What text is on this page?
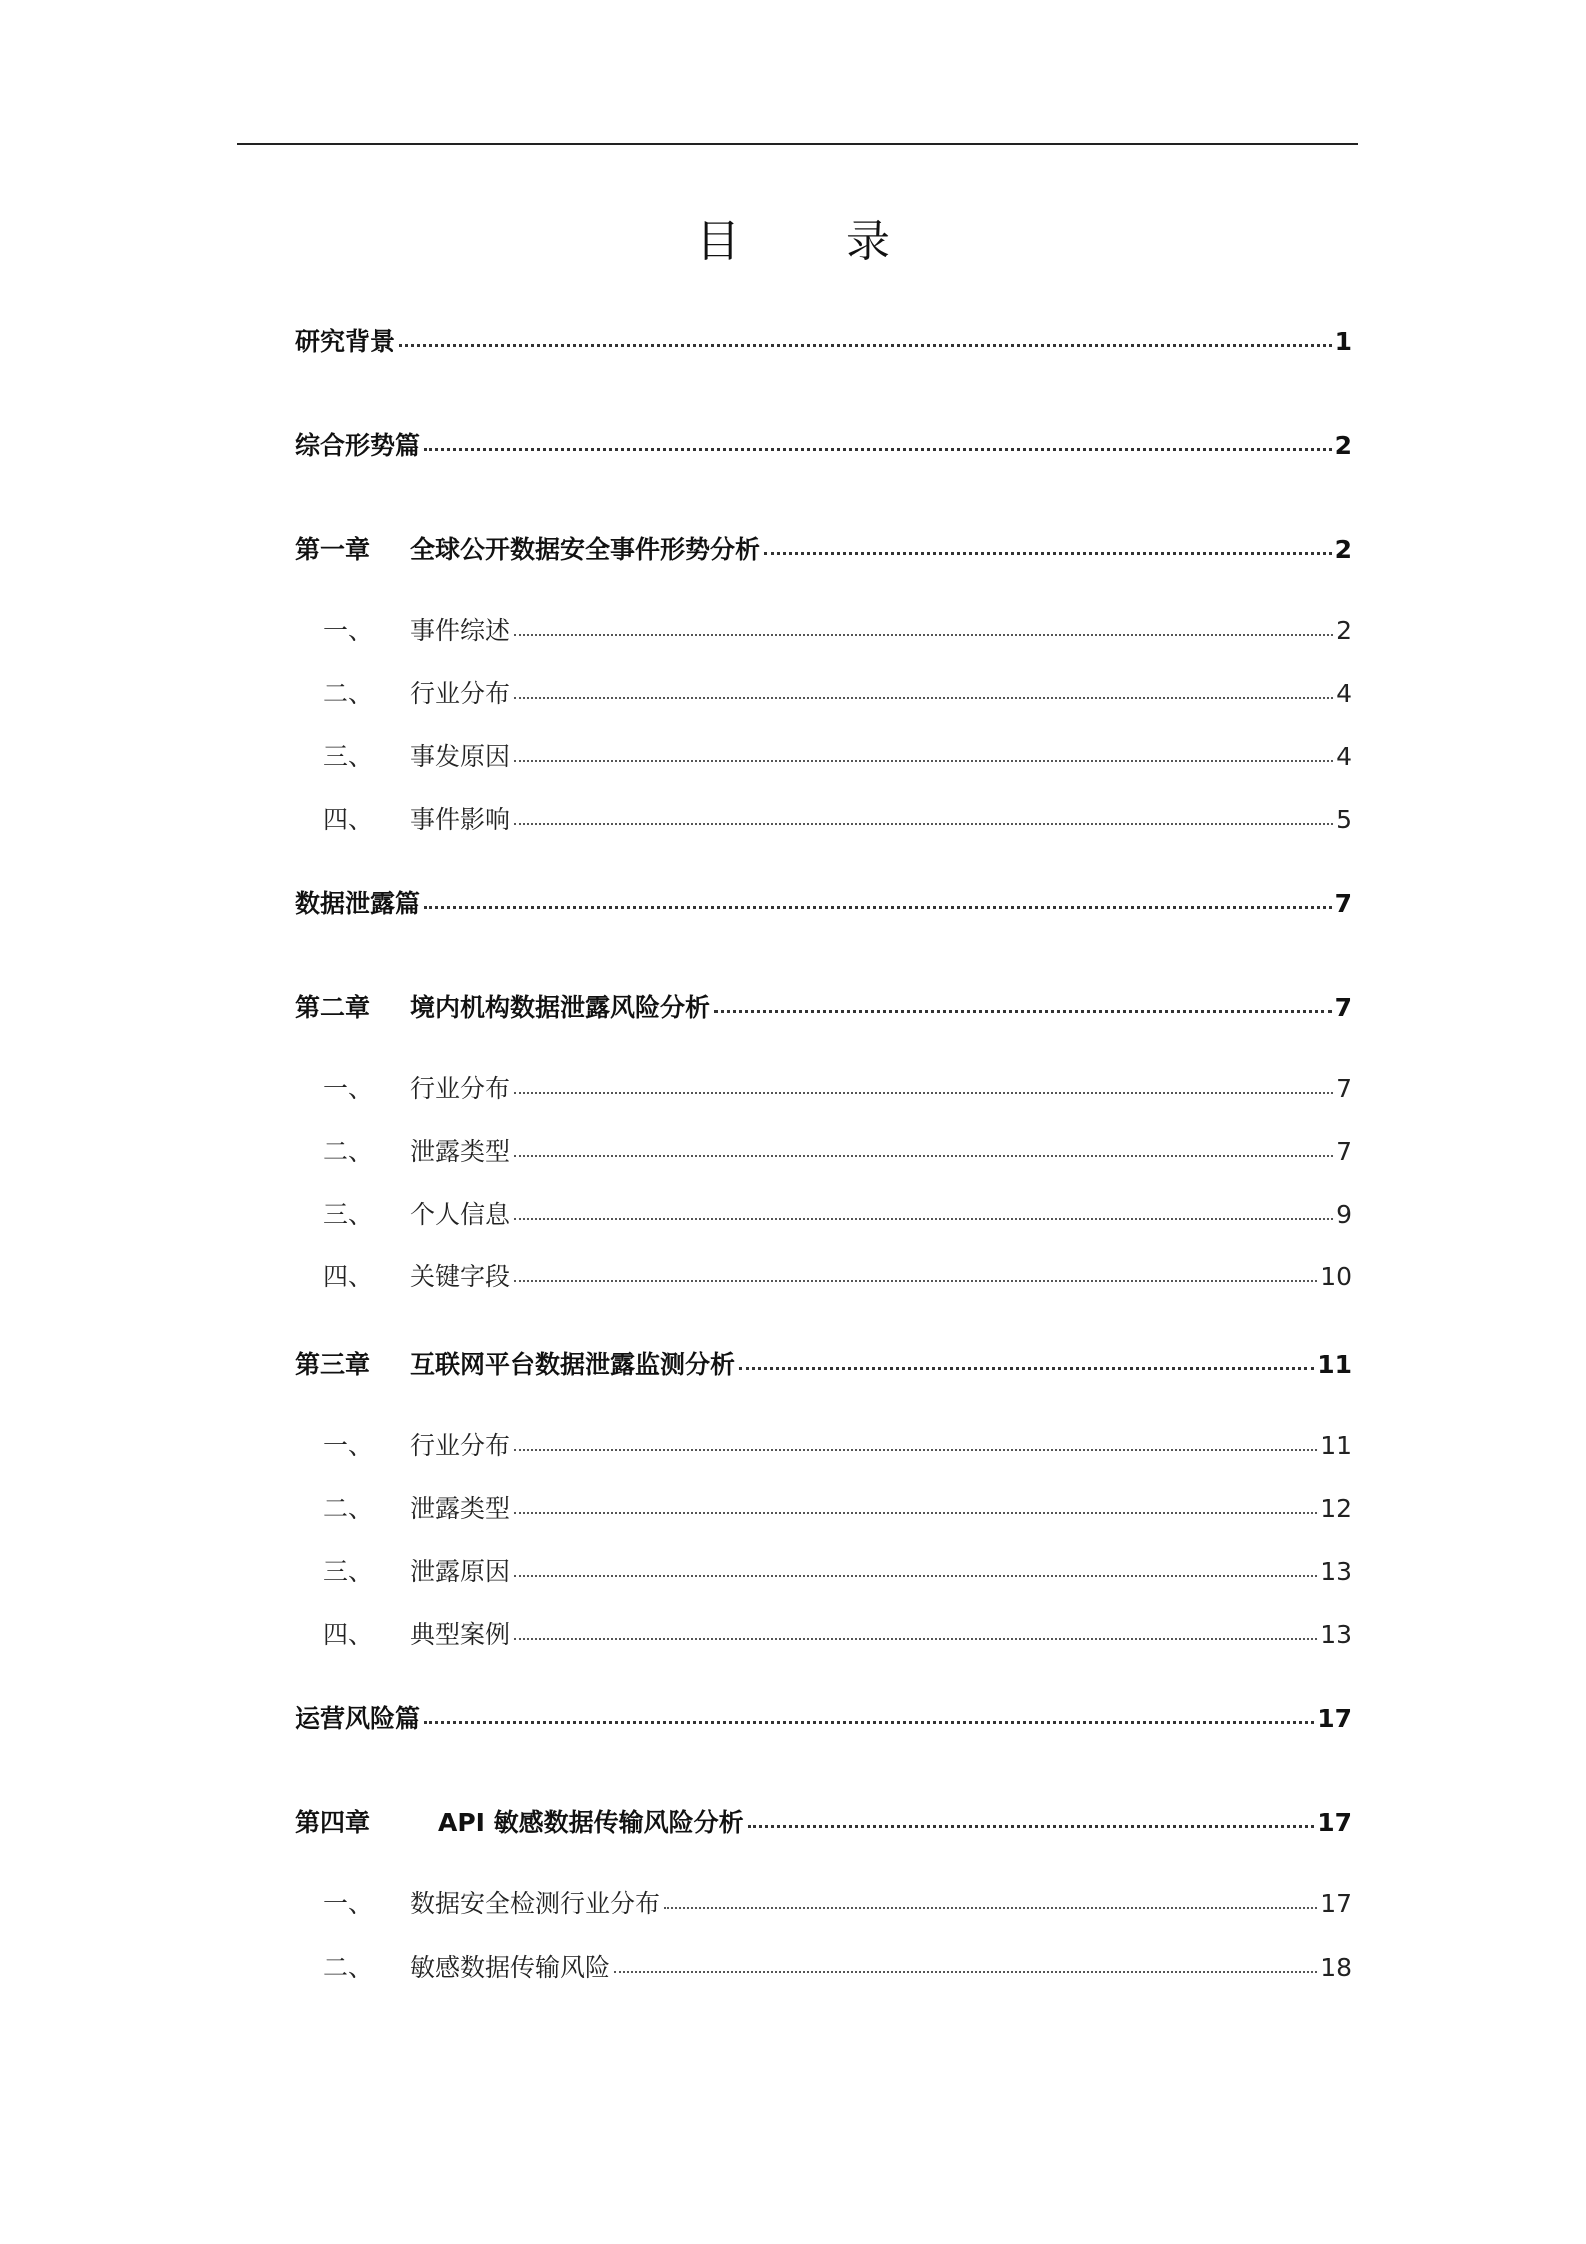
目 录
研究背景	1
综合形势篇	2
第一章	全球公开数据安全事件形势分析	2
一、	事件综述	2
二、	行业分布	4
三、	事发原因	4
四、	事件影响	5
数据泄露篇	7
第二章	境内机构数据泄露风险分析	7
一、	行业分布	7
二、	泄露类型	7
三、	个人信息	9
四、	关键字段	10
第三章	互联网平台数据泄露监测分析	11
一、	行业分布	11
二、	泄露类型	12
三、	泄露原因	13
四、	典型案例	13
运营风险篇	17
第四章	API 敏感数据传输风险分析	17
一、	数据安全检测行业分布	17
二、	敏感数据传输风险	18
